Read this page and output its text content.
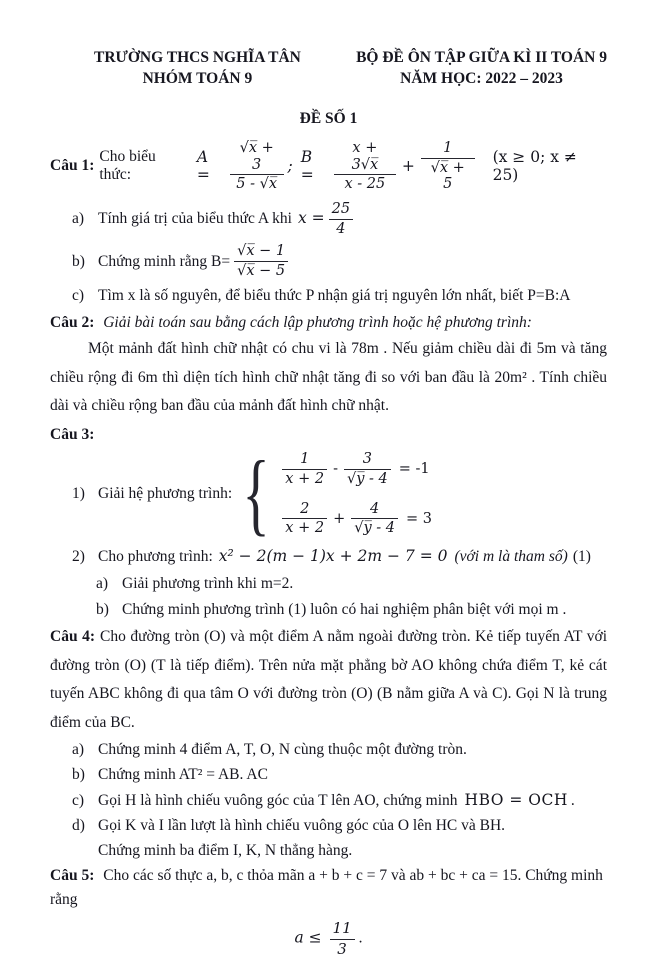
TRƯỜNG THCS NGHĨA TÂN
NHÓM TOÁN 9
BỘ ĐỀ ÔN TẬP GIỮA KÌ II TOÁN 9
NĂM HỌC: 2022 – 2023
ĐỀ SỐ 1
Câu 1:
Cho biểu thức:
A =	$\frac{√x̅ + 3}{5 - √x̅}$ ; B =	$\frac{x + 3√x̅}{x - 25} + \frac{1}{√x̅ + 5} (x \ge 0$; x ≠ 25)
a) Tính giá trị của biểu thức A khi $x = \frac{25}{4}$
b) Chứng minh rằng $B= \frac{√x̅ - 1}{√x̅ - 5}$
c) Tìm x là số nguyên, để biểu thức P nhận giá trị nguyên lớn nhất, biết P=B:A
Câu 2: Giải bài toán sau bằng cách lập phương trình hoặc hệ phương trình:
Một mảnh đất hình chữ nhật có chu vi là 78m . Nếu giảm chiều dài đi 5m và tăng chiều rộng đi 6m thì diện tích hình chữ nhật tăng đi so với ban đầu là 20m² . Tính chiều dài và chiều rộng ban đầu của mảnh đất hình chữ nhật.
Câu 3:
1) Giải hệ phương trình: { $\frac{1}{x + 2} - \frac{3}{√y̅ - 4} = -1$
$\frac{2}{x + 2} + \frac{4}{√y̅ - 4} = 3$
2) Cho phương trình: x² − 2(m − 1)x + 2m − 7 = 0 (với m là tham số) (1)
a) Giải phương trình khi m=2.
b) Chứng minh phương trình (1) luôn có hai nghiệm phân biệt với mọi m .
Câu 4: Cho đường tròn (O) và một điểm A nằm ngoài đường tròn. Kẻ tiếp tuyến AT với đường tròn (O) (T là tiếp điểm). Trên nửa mặt phẳng bờ AO không chứa điểm T, kẻ cát tuyến ABC không đi qua tâm O với đường tròn (O) (B nằm giữa A và C). Gọi N là trung điểm của BC.
a) Chứng minh 4 điểm A, T, O, N cùng thuộc một đường tròn.
b) Chứng minh AT² = AB. AC
c) Gọi H là hình chiếu vuông góc của T lên AO, chứng minh HBO = OCH .
d) Gọi K và I lần lượt là hình chiếu vuông góc của O lên HC và BH.
Chứng minh ba điểm I, K, N thẳng hàng.
Câu 5: Cho các số thực a, b, c thỏa mãn a + b + c = 7 và ab + bc + ca = 15. Chứng minh rằng
$a \le \frac{11}{3}$ .
